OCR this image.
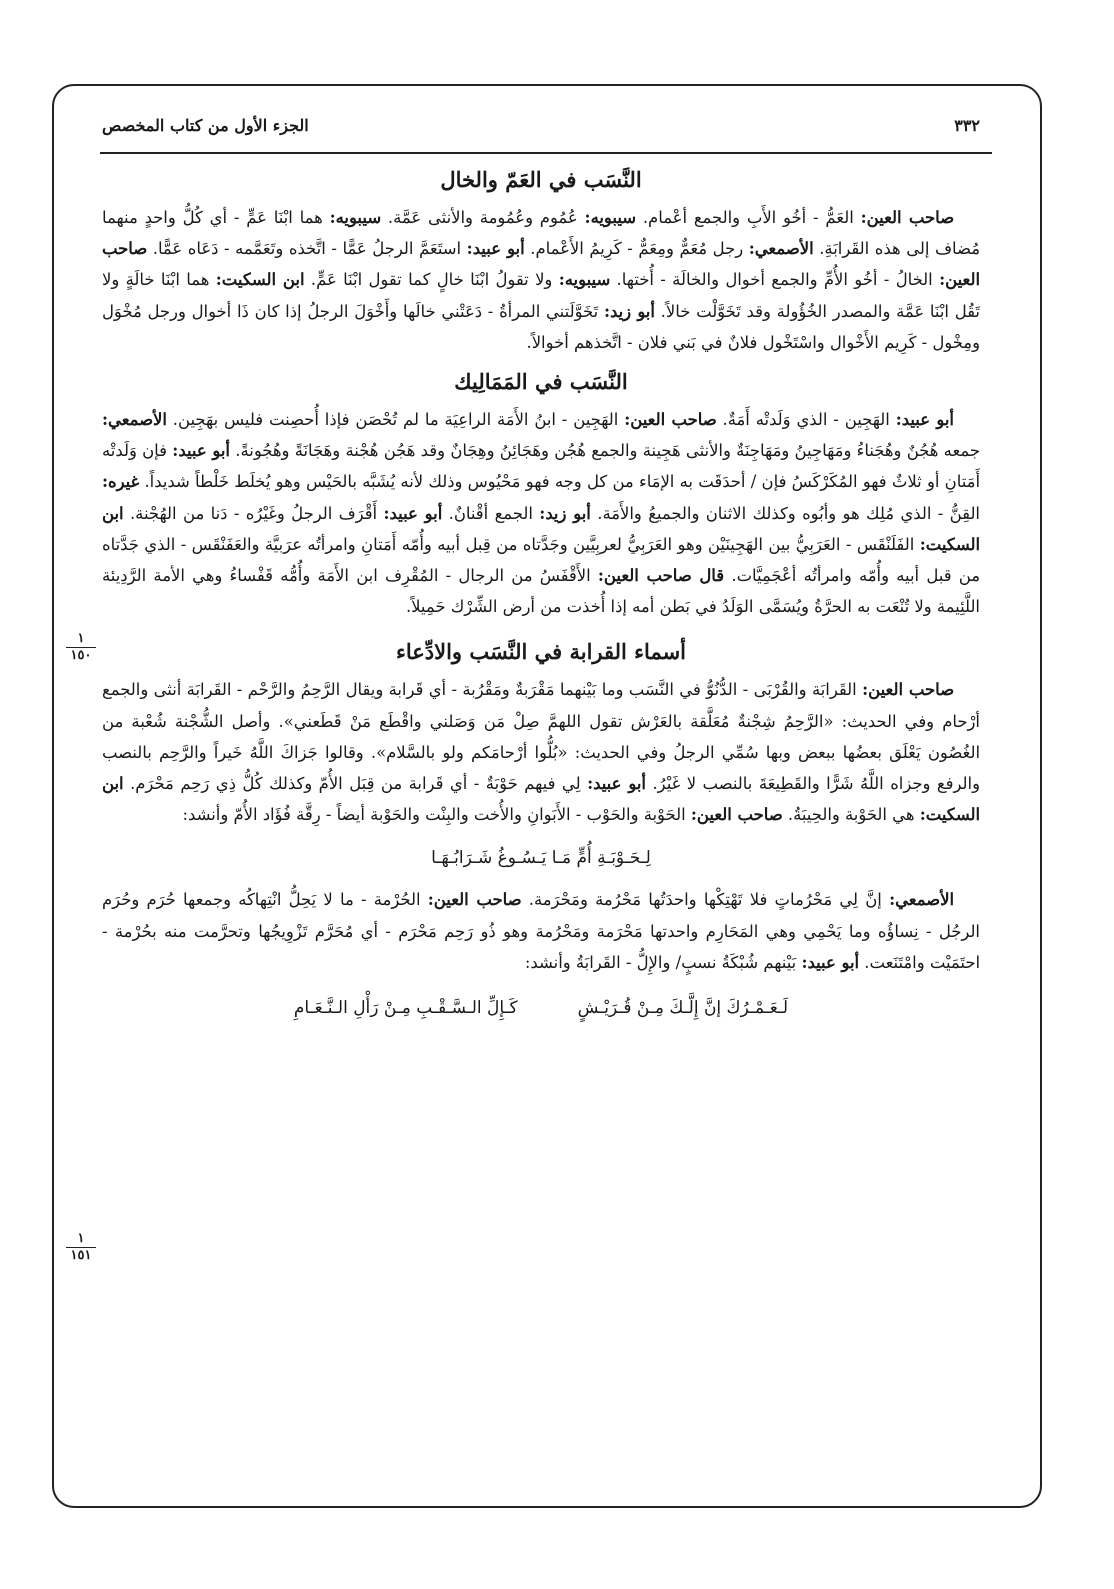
٣٣٢
الجزء الأول من كتاب المخصص
١
١٥٠
١
١٥١
النَّسَب في العَمّ والخال

صاحب العين: العَمُّ - أخُو الأَبِ والجمع أعْمام. سيبويه: عُمُوم وعُمُومة والأنثى عَمَّة. سيبويه: هما ابْنَا عَمٍّ - أي كُلُّ واحدٍ منهما مُضاف إلى هذه القَرابَةِ. الأصمعي: رجل مُعَمٌّ ومِعَمٌّ - كَرِيمُ الأَعْمام. أبو عبيد: استَعَمَّ الرجلُ عَمًّا - اتَّخذه وتَعَمَّمه - دَعَاه عَمًّا. صاحب العين: الخالُ - أخُو الأُمِّ والجمع أخوال والخالَة - أُختها. سيبويه: ولا تقولُ ابْنَا خالٍ كما تقول ابْنَا عَمٍّ. ابن السكيت: هما ابْنَا خالَةٍ ولا تَقُل ابْنَا عَمَّة والمصدر الخُؤُولة وقد تَخَوَّلْت خالاً. أبو زيد: تَخَوَّلَتني المرأةُ - دَعَتْني خالَها وأَخْوَلَ الرجلُ إذا كان ذَا أخوال ورجل مُخْوَل ومِخْول - كَرِيم الأَخْوال واسْتَخْول فلانٌ في بَني فلان - اتَّخذهم أخوالاً.

النَّسَب في المَمَالِيك

أبو عبيد: الهَجِين - الذي وَلَدتْه أَمَةٌ. صاحب العين: الهَجِين - ابنُ الأَمَة الراعِيَة ما لم تُحْصَن فإذا أُحصِنت فليس بهَجِين. الأصمعي: جمعه هُجُنٌ وهُجَناءُ ومَهَاجِينُ ومَهَاجِنَةٌ والأنثى هَجِينة والجمع هُجُن وهَجَائِنُ وهِجَانٌ وقد هَجُن هُجْنة وهَجَانَةً وهُجُونةً. أبو عبيد: فإن وَلَدتْه أَمَتانِ أو ثلاثٌ فهو المُكَرْكَسُ فإن / أحدَقَت به الإمَاء من كل وجه فهو مَحْيُوس وذلك لأنه يُشَبَّه بالحَيْس وهو يُخلَط خَلْطاً شديداً. غيره: القِنُّ - الذي مُلِك هو وأبُوه وكذلك الاثنان والجميعُ والأَمَة. أبو زيد: الجمع أقْنانٌ. أبو عبيد: أَقْرَف الرجلُ وغَيْرُه - دَنا من الهُجْنة. ابن السكيت: الفَلَنْقَس - العَرَبِيُّ بين الهَجِينَيْن وهو العَرَبِيُّ لعربِيَّين وجَدَّتاه من قِبل أبيه وأُمّه أَمَتانِ وامرأتُه عرَبيَّة والعَفَنْقَس - الذي جَدَّتاه من قبل أبيه وأُمّه وامرأتُه أعْجَمِيَّات. قال صاحب العين: الأَقْفَسُ من الرجال - المُقْرِف ابن الأَمَة وأُمُّه قَفْساءُ وهي الأمة الرَّدِيئة اللَّئِيمة ولا تُنْعَت به الحرَّةُ ويُسَمَّى الوَلَدُ في بَطن أمه إذا أُخذت من أرض الشِّرْك حَمِيلاً.

أسماء القرابة في النَّسَب والادِّعاء

صاحب العين: القَرابَة والقُرْبَى - الدُّنُوُّ في النَّسَب وما بَيْنهما مَقْرَبةٌ ومَقْرُبة - أي قَرابة ويقال الرَّحِمُ والرَّحْم - القَرابَة أنثى والجمع أرْحام وفي الحديث: «الرَّحِمُ شِجْنةٌ مُعَلَّقة بالعَرْش تقول اللهمَّ صِلْ مَن وَصَلني واقْطَع مَنْ قَطَعني». وأصل الشُّجْنة شُعْبة من الغُصُون يَعْلَق بعضُها ببعض وبها سُمِّي الرجلُ وفي الحديث: «بُلُّوا أرْحامَكم ولو بالسَّلام». وقالوا جَزاكَ اللَّهُ خَيراً والرَّحِم بالنصب والرفع وجزاه اللَّهُ شَرًّا والقَطِيعَةَ بالنصب لا غَيْرُ. أبو عبيد: لِي فيهم حَوْبَةٌ - أي قَرابة من قِبَل الأُمّ وكذلك كُلُّ ذِي رَحِم مَحْرَم. ابن السكيت: هي الحَوْبة والحِيبَةُ. صاحب العين: الحَوْبة والحَوْب - الأَبَوانِ والأُخت والبِنْت والحَوْبة أيضاً - رِقَّة فُؤَاد الأُمّ وأنشد:

لِـحَـوْبَـةِ أُمٍّ مَـا يَـسُـوغُ شَـرَابُـهَـا

الأصمعي: إنَّ لِي مَحْرُماتٍ فلا تَهْتِكْها واحدَتُها مَحْرُمة ومَحْرَمة. صاحب العين: الحُرْمة - ما لا يَحِلُّ انْتِهاكُه وجمعها حُرَم وحُرَم الرجُل - نِساؤُه وما يَحْمِي وهي المَحَارِم واحدتها مَحْرَمة ومَحْرُمة وهو ذُو رَحِم مَحْرَم - أي مُحَرَّم تَزْوِيجُها وتحرَّمت منه بحُرْمة - احتَمَيْت وامْتَنَعت. أبو عبيد: بَيْنهم شُبْكَةُ نسبٍ/ والإِلُّ - القَرابَةُ وأنشد:

لَـعَـمْـرُكَ إنَّ إِلَّـكَ مِـنْ قُـرَيْـشٍ
كَـإِلِّ الـسَّـقْـبِ مِـنْ رَأْلِ الـنَّـعَـامِ
